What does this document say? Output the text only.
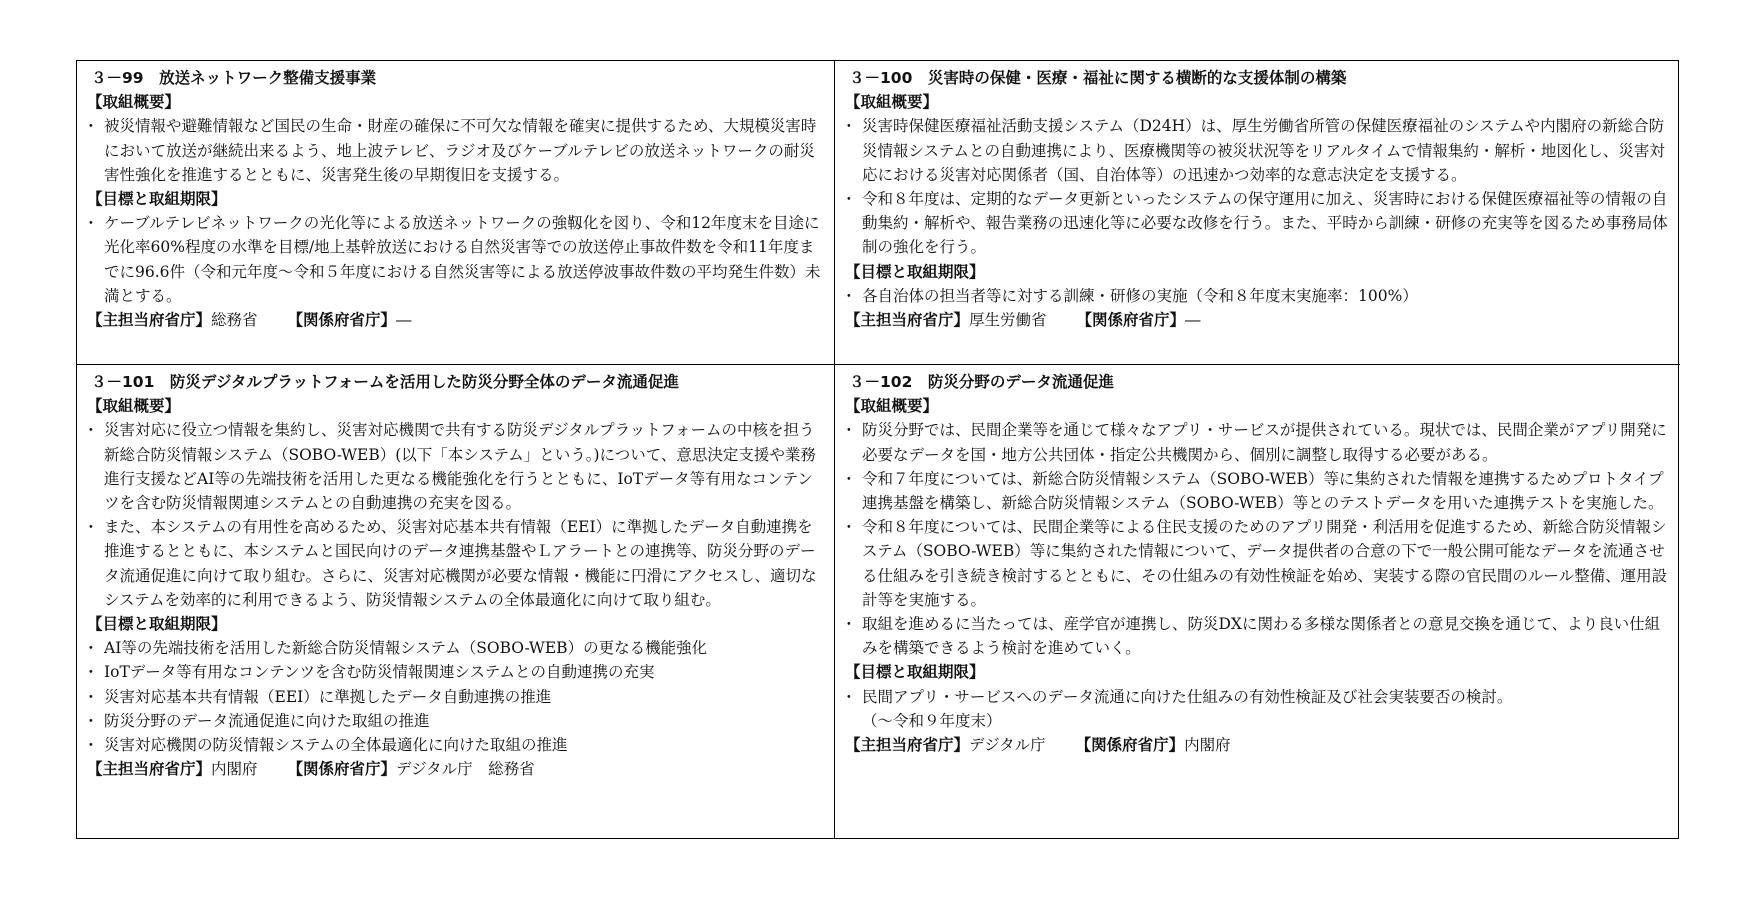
３－99　放送ネットワーク整備支援事業
【取組概要】
･ 被災情報や避難情報など国民の生命・財産の確保に不可欠な情報を確実に提供するため、大規模災害時において放送が継続出来るよう、地上波テレビ、ラジオ及びケーブルテレビの放送ネットワークの耐災害性強化を推進するとともに、災害発生後の早期復旧を支援する。
【目標と取組期限】
･ ケーブルテレビネットワークの光化等による放送ネットワークの強靱化を図り、令和12年度末を目途に光化率60%程度の水準を目標/地上基幹放送における自然災害等での放送停止事故件数を令和11年度までに96.6件（令和元年度～令和５年度における自然災害等による放送停波事故件数の平均発生件数）未満とする。
【主担当府省庁】総務省 【関係府省庁】―
３－100　災害時の保健・医療・福祉に関する横断的な支援体制の構築
【取組概要】
･ 災害時保健医療福祉活動支援システム（D24H）は、厚生労働省所管の保健医療福祉のシステムや内閣府の新総合防災情報システムとの自動連携により、医療機関等の被災状況等をリアルタイムで情報集約・解析・地図化し、災害対応における災害対応関係者（国、自治体等）の迅速かつ効率的な意志決定を支援する。
･ 令和８年度は、定期的なデータ更新といったシステムの保守運用に加え、災害時における保健医療福祉等の情報の自動集約・解析や、報告業務の迅速化等に必要な改修を行う。また、平時から訓練・研修の充実等を図るため事務局体制の強化を行う。
【目標と取組期限】
･ 各自治体の担当者等に対する訓練・研修の実施（令和８年度末実施率：100%）
【主担当府省庁】厚生労働省 【関係府省庁】―
３－101　防災デジタルプラットフォームを活用した防災分野全体のデータ流通促進
【取組概要】
･ 災害対応に役立つ情報を集約し、災害対応機関で共有する防災デジタルプラットフォームの中核を担う新総合防災情報システム（SOBO-WEB）(以下「本システム」という。)について、意思決定支援や業務進行支援などAI等の先端技術を活用した更なる機能強化を行うとともに、IoTデータ等有用なコンテンツを含む防災情報関連システムとの自動連携の充実を図る。
･ また、本システムの有用性を高めるため、災害対応基本共有情報（EEI）に準拠したデータ自動連携を推進するとともに、本システムと国民向けのデータ連携基盤やＬアラートとの連携等、防災分野のデータ流通促進に向けて取り組む。さらに、災害対応機関が必要な情報・機能に円滑にアクセスし、適切なシステムを効率的に利用できるよう、防災情報システムの全体最適化に向けて取り組む。
【目標と取組期限】
･ AI等の先端技術を活用した新総合防災情報システム（SOBO-WEB）の更なる機能強化
･ IoTデータ等有用なコンテンツを含む防災情報関連システムとの自動連携の充実
･ 災害対応基本共有情報（EEI）に準拠したデータ自動連携の推進
･ 防災分野のデータ流通促進に向けた取組の推進
･ 災害対応機関の防災情報システムの全体最適化に向けた取組の推進
【主担当府省庁】内閣府 【関係府省庁】デジタル庁　総務省
３－102　防災分野のデータ流通促進
【取組概要】
･ 防災分野では、民間企業等を通じて様々なアプリ・サービスが提供されている。現状では、民間企業がアプリ開発に必要なデータを国・地方公共団体・指定公共機関から、個別に調整し取得する必要がある。
･ 令和７年度については、新総合防災情報システム（SOBO-WEB）等に集約された情報を連携するためプロトタイプ連携基盤を構築し、新総合防災情報システム（SOBO-WEB）等とのテストデータを用いた連携テストを実施した。
･ 令和８年度については、民間企業等による住民支援のためのアプリ開発・利活用を促進するため、新総合防災情報システム（SOBO-WEB）等に集約された情報について、データ提供者の合意の下で一般公開可能なデータを流通させる仕組みを引き続き検討するとともに、その仕組みの有効性検証を始め、実装する際の官民間のルール整備、運用設計等を実施する。
･ 取組を進めるに当たっては、産学官が連携し、防災DXに関わる多様な関係者との意見交換を通じて、より良い仕組みを構築できるよう検討を進めていく。
【目標と取組期限】
･ 民間アプリ・サービスへのデータ流通に向けた仕組みの有効性検証及び社会実装要否の検討。
（～令和９年度末）
【主担当府省庁】デジタル庁 【関係府省庁】内閣府
